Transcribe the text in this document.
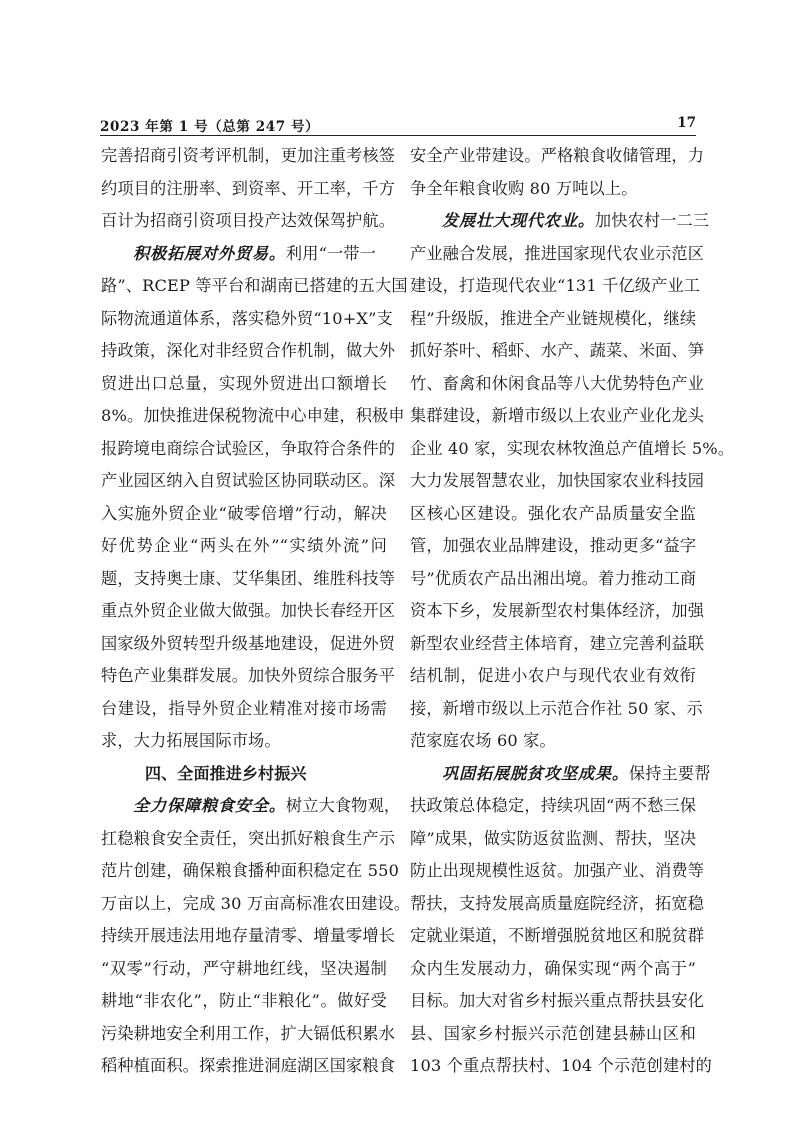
2023 年第 1 号（总第 247 号）	17
完善招商引资考评机制，更加注重考核签
约项目的注册率、到资率、开工率，千方
百计为招商引资项目投产达效保驾护航。
积极拓展对外贸易。利用“一带一
路”、RCEP 等平台和湖南已搭建的五大国
际物流通道体系，落实稳外贸“10+X”支
持政策，深化对非经贸合作机制，做大外
贸进出口总量，实现外贸进出口额增长
8%。加快推进保税物流中心申建，积极申
报跨境电商综合试验区，争取符合条件的
产业园区纳入自贸试验区协同联动区。深
入实施外贸企业“破零倍增”行动，解决
好优势企业“两头在外”“实绩外流”问
题，支持奥士康、艾华集团、维胜科技等
重点外贸企业做大做强。加快长春经开区
国家级外贸转型升级基地建设，促进外贸
特色产业集群发展。加快外贸综合服务平
台建设，指导外贸企业精准对接市场需
求，大力拓展国际市场。
四、全面推进乡村振兴
全力保障粮食安全。树立大食物观，
扛稳粮食安全责任，突出抓好粮食生产示
范片创建，确保粮食播种面积稳定在 550
万亩以上，完成 30 万亩高标准农田建设。
持续开展违法用地存量清零、增量零增长
“双零”行动，严守耕地红线，坚决遏制
耕地“非农化”，防止“非粮化”。做好受
污染耕地安全利用工作，扩大镉低积累水
稻种植面积。探索推进洞庭湖区国家粮食
安全产业带建设。严格粮食收储管理，力
争全年粮食收购 80 万吨以上。
发展壮大现代农业。加快农村一二三
产业融合发展，推进国家现代农业示范区
建设，打造现代农业“131 千亿级产业工
程”升级版，推进全产业链规模化，继续
抓好茶叶、稻虾、水产、蔬菜、米面、笋
竹、畜禽和休闲食品等八大优势特色产业
集群建设，新增市级以上农业产业化龙头
企业 40 家，实现农林牧渔总产值增长 5%。
大力发展智慧农业，加快国家农业科技园
区核心区建设。强化农产品质量安全监
管，加强农业品牌建设，推动更多“益字
号”优质农产品出湘出境。着力推动工商
资本下乡，发展新型农村集体经济，加强
新型农业经营主体培育，建立完善利益联
结机制，促进小农户与现代农业有效衔
接，新增市级以上示范合作社 50 家、示
范家庭农场 60 家。
巩固拓展脱贫攻坚成果。保持主要帮
扶政策总体稳定，持续巩固“两不愁三保
障”成果，做实防返贫监测、帮扶，坚决
防止出现规模性返贫。加强产业、消费等
帮扶，支持发展高质量庭院经济，拓宽稳
定就业渠道，不断增强脱贫地区和脱贫群
众内生发展动力，确保实现“两个高于”
目标。加大对省乡村振兴重点帮扶县安化
县、国家乡村振兴示范创建县赫山区和
103 个重点帮扶村、104 个示范创建村的
